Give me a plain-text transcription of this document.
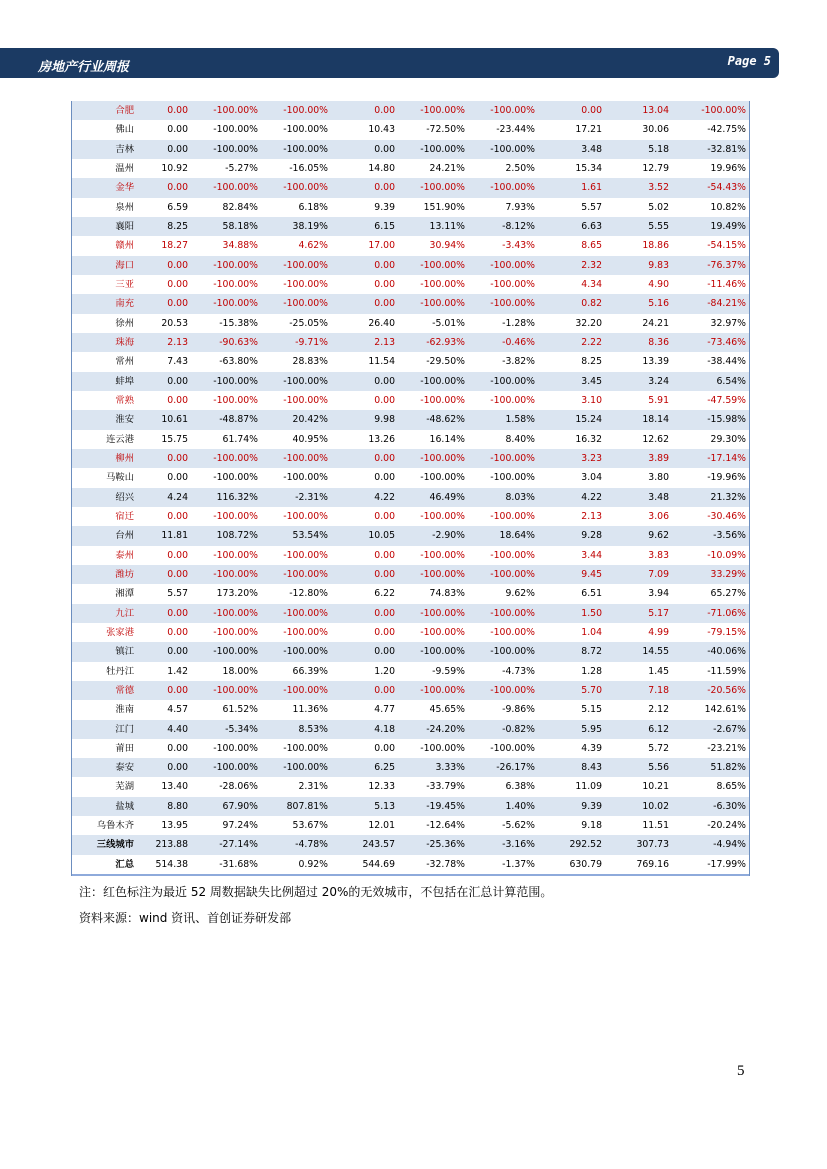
房地产行业周报	Page 5
合肥	0.00	-100.00%	-100.00%	0.00	-100.00%	-100.00%	0.00	13.04	-100.00%
佛山	0.00	-100.00%	-100.00%	10.43	-72.50%	-23.44%	17.21	30.06	-42.75%
吉林	0.00	-100.00%	-100.00%	0.00	-100.00%	-100.00%	3.48	5.18	-32.81%
温州	10.92	-5.27%	-16.05%	14.80	24.21%	2.50%	15.34	12.79	19.96%
金华	0.00	-100.00%	-100.00%	0.00	-100.00%	-100.00%	1.61	3.52	-54.43%
泉州	6.59	82.84%	6.18%	9.39	151.90%	7.93%	5.57	5.02	10.82%
襄阳	8.25	58.18%	38.19%	6.15	13.11%	-8.12%	6.63	5.55	19.49%
赣州	18.27	34.88%	4.62%	17.00	30.94%	-3.43%	8.65	18.86	-54.15%
海口	0.00	-100.00%	-100.00%	0.00	-100.00%	-100.00%	2.32	9.83	-76.37%
三亚	0.00	-100.00%	-100.00%	0.00	-100.00%	-100.00%	4.34	4.90	-11.46%
南充	0.00	-100.00%	-100.00%	0.00	-100.00%	-100.00%	0.82	5.16	-84.21%
徐州	20.53	-15.38%	-25.05%	26.40	-5.01%	-1.28%	32.20	24.21	32.97%
珠海	2.13	-90.63%	-9.71%	2.13	-62.93%	-0.46%	2.22	8.36	-73.46%
常州	7.43	-63.80%	28.83%	11.54	-29.50%	-3.82%	8.25	13.39	-38.44%
蚌埠	0.00	-100.00%	-100.00%	0.00	-100.00%	-100.00%	3.45	3.24	6.54%
常熟	0.00	-100.00%	-100.00%	0.00	-100.00%	-100.00%	3.10	5.91	-47.59%
淮安	10.61	-48.87%	20.42%	9.98	-48.62%	1.58%	15.24	18.14	-15.98%
连云港	15.75	61.74%	40.95%	13.26	16.14%	8.40%	16.32	12.62	29.30%
柳州	0.00	-100.00%	-100.00%	0.00	-100.00%	-100.00%	3.23	3.89	-17.14%
马鞍山	0.00	-100.00%	-100.00%	0.00	-100.00%	-100.00%	3.04	3.80	-19.96%
绍兴	4.24	116.32%	-2.31%	4.22	46.49%	8.03%	4.22	3.48	21.32%
宿迁	0.00	-100.00%	-100.00%	0.00	-100.00%	-100.00%	2.13	3.06	-30.46%
台州	11.81	108.72%	53.54%	10.05	-2.90%	18.64%	9.28	9.62	-3.56%
泰州	0.00	-100.00%	-100.00%	0.00	-100.00%	-100.00%	3.44	3.83	-10.09%
潍坊	0.00	-100.00%	-100.00%	0.00	-100.00%	-100.00%	9.45	7.09	33.29%
湘潭	5.57	173.20%	-12.80%	6.22	74.83%	9.62%	6.51	3.94	65.27%
九江	0.00	-100.00%	-100.00%	0.00	-100.00%	-100.00%	1.50	5.17	-71.06%
张家港	0.00	-100.00%	-100.00%	0.00	-100.00%	-100.00%	1.04	4.99	-79.15%
镇江	0.00	-100.00%	-100.00%	0.00	-100.00%	-100.00%	8.72	14.55	-40.06%
牡丹江	1.42	18.00%	66.39%	1.20	-9.59%	-4.73%	1.28	1.45	-11.59%
常德	0.00	-100.00%	-100.00%	0.00	-100.00%	-100.00%	5.70	7.18	-20.56%
淮南	4.57	61.52%	11.36%	4.77	45.65%	-9.86%	5.15	2.12	142.61%
江门	4.40	-5.34%	8.53%	4.18	-24.20%	-0.82%	5.95	6.12	-2.67%
莆田	0.00	-100.00%	-100.00%	0.00	-100.00%	-100.00%	4.39	5.72	-23.21%
泰安	0.00	-100.00%	-100.00%	6.25	3.33%	-26.17%	8.43	5.56	51.82%
芜湖	13.40	-28.06%	2.31%	12.33	-33.79%	6.38%	11.09	10.21	8.65%
盐城	8.80	67.90%	807.81%	5.13	-19.45%	1.40%	9.39	10.02	-6.30%
乌鲁木齐	13.95	97.24%	53.67%	12.01	-12.64%	-5.62%	9.18	11.51	-20.24%
三线城市	213.88	-27.14%	-4.78%	243.57	-25.36%	-3.16%	292.52	307.73	-4.94%
汇总	514.38	-31.68%	0.92%	544.69	-32.78%	-1.37%	630.79	769.16	-17.99%
注：红色标注为最近 52 周数据缺失比例超过 20%的无效城市，不包括在汇总计算范围。
资料来源：wind 资讯、首创证券研发部
5
